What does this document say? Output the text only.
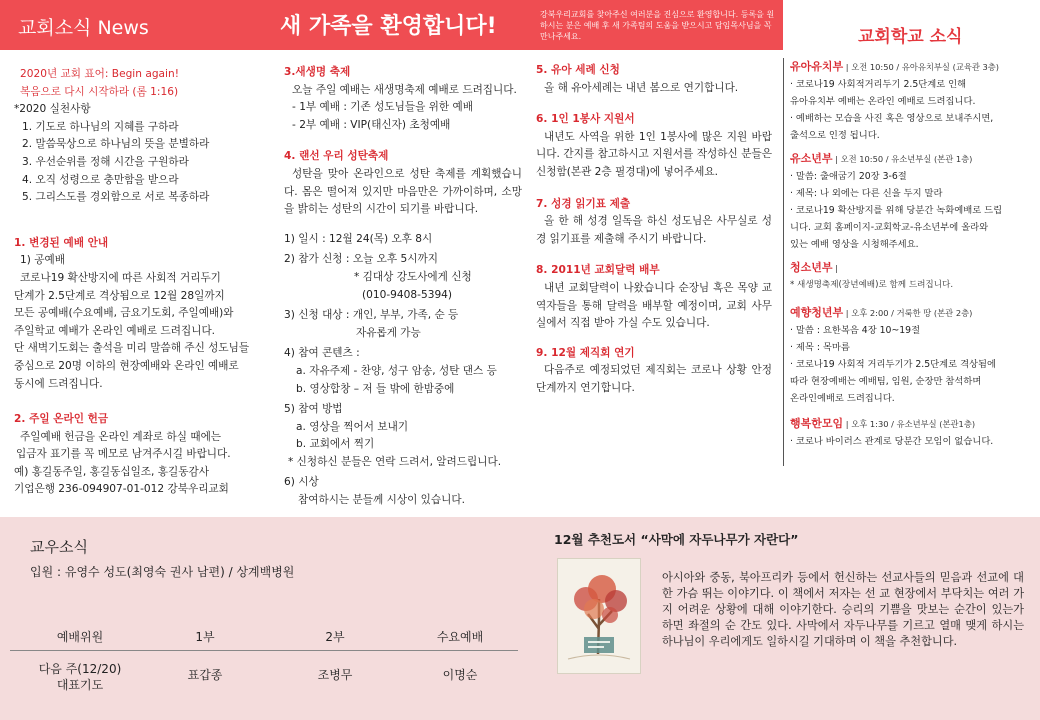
교회소식 News	새 가족을 환영합니다!	강북우리교회를 찾아주신 여러분을 진심으로 환영합니다. 등록을 원하시는 분은 예배 후 새 가족팀의 도움을 받으시고 담임목사님을 꼭 만나주세요.	교회학교 소식
2020년 교회 표어: Begin again!
복음으로 다시 시작하라 (롬 1:16)
*2020 실천사항
1. 기도로 하나님의 지혜를 구하라
2. 말씀묵상으로 하나님의 뜻을 분별하라
3. 우선순위를 정해 시간을 구원하라
4. 오직 성령으로 충만함을 받으라
5. 그리스도를 경외함으로 서로 복종하라
1. 변경된 예배 안내
1) 공예배
코로나19 확산방지에 따른 사회적 거리두기
단계가 2.5단계로 격상됨으로 12월 28일까지
모든 공예배(수요예배, 금요기도회, 주일예배)와
주일학교 예배가 온라인 예배로 드려집니다.
단 새벽기도회는 출석을 미리 말씀해 주신 성도님들
중심으로 20명 이하의 현장예배와 온라인 예배로
동시에 드려집니다.
2. 주일 온라인 헌금
주일예배 헌금을 온라인 계좌로 하실 때에는
입금자 표기를 꼭 메모로 남겨주시길 바랍니다.
예) 홍길동주일, 홍길동십일조, 홍길동감사
기업은행 236-094907-01-012 강북우리교회
3.새생명 축제
오늘 주일 예배는 새생명축제 예배로 드려집니다.
- 1부 예배 : 기존 성도님들을 위한 예배
- 2부 예배 : VIP(태신자) 초청예배
4. 랜선 우리 성탄축제
성탄을 맞아 온라인으로 성탄 축제를 계획했습니다. 몸은 떨어져 있지만 마음만은 가까이하며, 소망을 밝히는 성탄의 시간이 되기를 바랍니다.
1) 일시 : 12월 24(목) 오후 8시
2) 참가 신청 : 오늘 오후 5시까지
* 김대상 강도사에게 신청
(010-9408-5394)
3) 신청 대상 : 개인, 부부, 가족, 순 등
자유롭게 가능
4) 참여 콘텐츠 :
a. 자유주제 - 찬양, 성구 암송, 성탄 댄스 등
b. 영상합창 – 저 들 밖에 한밤중에
5) 참여 방법
a. 영상을 찍어서 보내기
b. 교회에서 찍기
* 신청하신 분들은 연락 드려서, 알려드립니다.
6) 시상
참여하시는 분들께 시상이 있습니다.
5. 유아 세례 신청
올 해 유아세례는 내년 봄으로 연기합니다.
6. 1인 1봉사 지원서
내년도 사역을 위한 1인 1봉사에 많은 지원 바랍니다. 간지를 참고하시고 지원서를 작성하신 분들은 신청함(본관 2층 필경대)에 넣어주세요.
7. 성경 읽기표 제출
올 한 해 성경 일독을 하신 성도님은 사무실로 성경 읽기표를 제출해 주시기 바랍니다.
8. 2011년 교회달력 배부
내년 교회달력이 나왔습니다 순장님 혹은 목양 교역자들을 통해 달력을 배부할 예정이며, 교회 사무실에서 직접 받아 가실 수도 있습니다.
9. 12월 제직회 연기
다음주로 예정되었던 제직회는 코로나 상황 안정단계까지 연기합니다.
유아유치부 | 오전 10:50 / 유아유치부실 (교육관 3층)
· 코로나19 사회적거리두기 2.5단계로 인해
유아유치부 예배는 온라인 예배로 드려집니다.
· 예배하는 모습을 사진 혹은 영상으로 보내주시면,
출석으로 인정 됩니다.
유소년부 | 오전 10:50 / 유소년부실 (본관 1층)
· 말씀: 출애굽기 20장 3-6절
· 제목: 나 외에는 다른 신을 두지 말라
· 코로나19 확산방지를 위해 당분간 녹화예배로 드립
니다. 교회 홈페이지-교회학교-유소년부에 올라와
있는 예배 영상을 시청해주세요.
청소년부 |
* 새생명축제(장년예배)로 함께 드려집니다.
예향청년부 | 오후 2:00 / 거룩한 땅 (본관 2층)
· 말씀 : 요한복음 4장 10~19절
· 제목 : 목마름
· 코로나19 사회적 거리두기가 2.5단계로 격상됨에
따라 현장예배는 예배팀, 임원, 순장만 참석하며
온라인예배로 드려집니다.
행복한모임 | 오후 1:30 / 유소년부실 (본관1층)
· 코로나 바이러스 관계로 당분간 모임이 없습니다.
교우소식
입원 : 유영수 성도(최영숙 권사 남편) / 상계백병원
예배위원	1부	2부	수요예배
다음 주(12/20)
대표기도
표갑종	조병무	이명순
12월 추천도서 “사막에 자두나무가 자란다”
아시아와 중동, 북아프리카 등에서 헌신하는 선교사들의 믿음과 선교에 대한 가슴 뛰는 이야기다. 이 책에서 저자는 선 교 현장에서 부닥치는 여러 가지 어려운 상황에 대해 이야기한다. 승리의 기쁨을 맛보는 순간이 있는가 하면 좌절의 순 간도 있다. 사막에서 자두나무를 기르고 열매 맺게 하시는 하나님이 우리에게도 일하시길 기대하며 이 책을 추천합니다.
